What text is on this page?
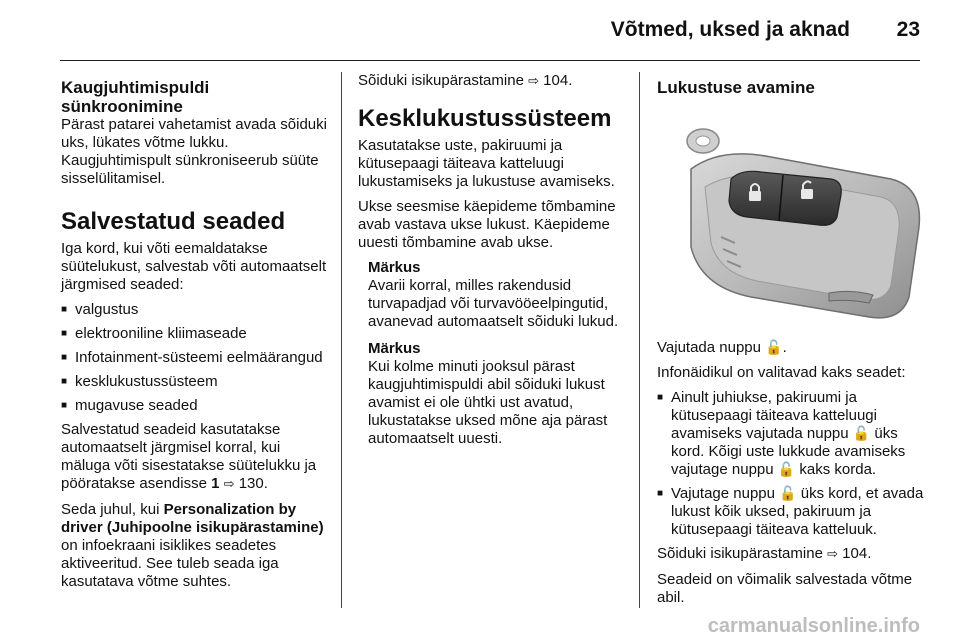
Võtmed, uksed ja aknad 23
Kaugjuhtimispuldi
sünkroonimine

Pärast patarei vahetamist avada sõiduki uks, lükates võtme lukku. Kaugjuhtimispult sünkroniseerub süüte sisselülitamisel.

Salvestatud seaded

Iga kord, kui võti eemaldatakse süütelukust, salvestab võti automaatselt järgmised seaded:

■ valgustus
■ elektrooniline kliimaseade
■ Infotainment-süsteemi eelmäärangud
■ kesklukustussüsteem
■ mugavuse seaded

Salvestatud seadeid kasutatakse automaatselt järgmisel korral, kui mäluga võti sisestatakse süütelukku ja pööratakse asendisse 1 ⇨ 130.

Seda juhul, kui Personalization by driver (Juhipoolne isikupärastamine) on infoekraani isiklikes seadetes aktiveeritud. See tuleb seada iga kasutatava võtme suhtes.

Sõiduki isikupärastamine ⇨ 104.

Kesklukustussüsteem

Kasutatakse uste, pakiruumi ja kütusepaagi täiteava katteluugi lukustamiseks ja lukustuse avamiseks.

Ukse seesmise käepideme tõmbamine avab vastava ukse lukust. Käepideme uuesti tõmbamine avab ukse.

Märkus

Avarii korral, milles rakendusid turvapadjad või turvavööeelpingutid, avanevad automaatselt sõiduki lukud.

Märkus

Kui kolme minuti jooksul pärast kaugjuhtimispuldi abil sõiduki lukust avamist ei ole ühtki ust avatud, lukustatakse uksed mõne aja pärast automaatselt uuesti.

Lukustuse avamine

Vajutada nuppu 🔓.

Infonäidikul on valitavad kaks seadet:

■ Ainult juhiukse, pakiruumi ja kütusepaagi täiteava katteluugi avamiseks vajutada nuppu 🔓 üks kord. Kõigi uste lukkude avamiseks vajutage nuppu 🔓 kaks korda.
■ Vajutage nuppu 🔓 üks kord, et avada lukust kõik uksed, pakiruum ja kütusepaagi täiteava katteluuk.

Sõiduki isikupärastamine ⇨ 104.

Seadeid on võimalik salvestada võtme abil.

carmanualsonline.info
